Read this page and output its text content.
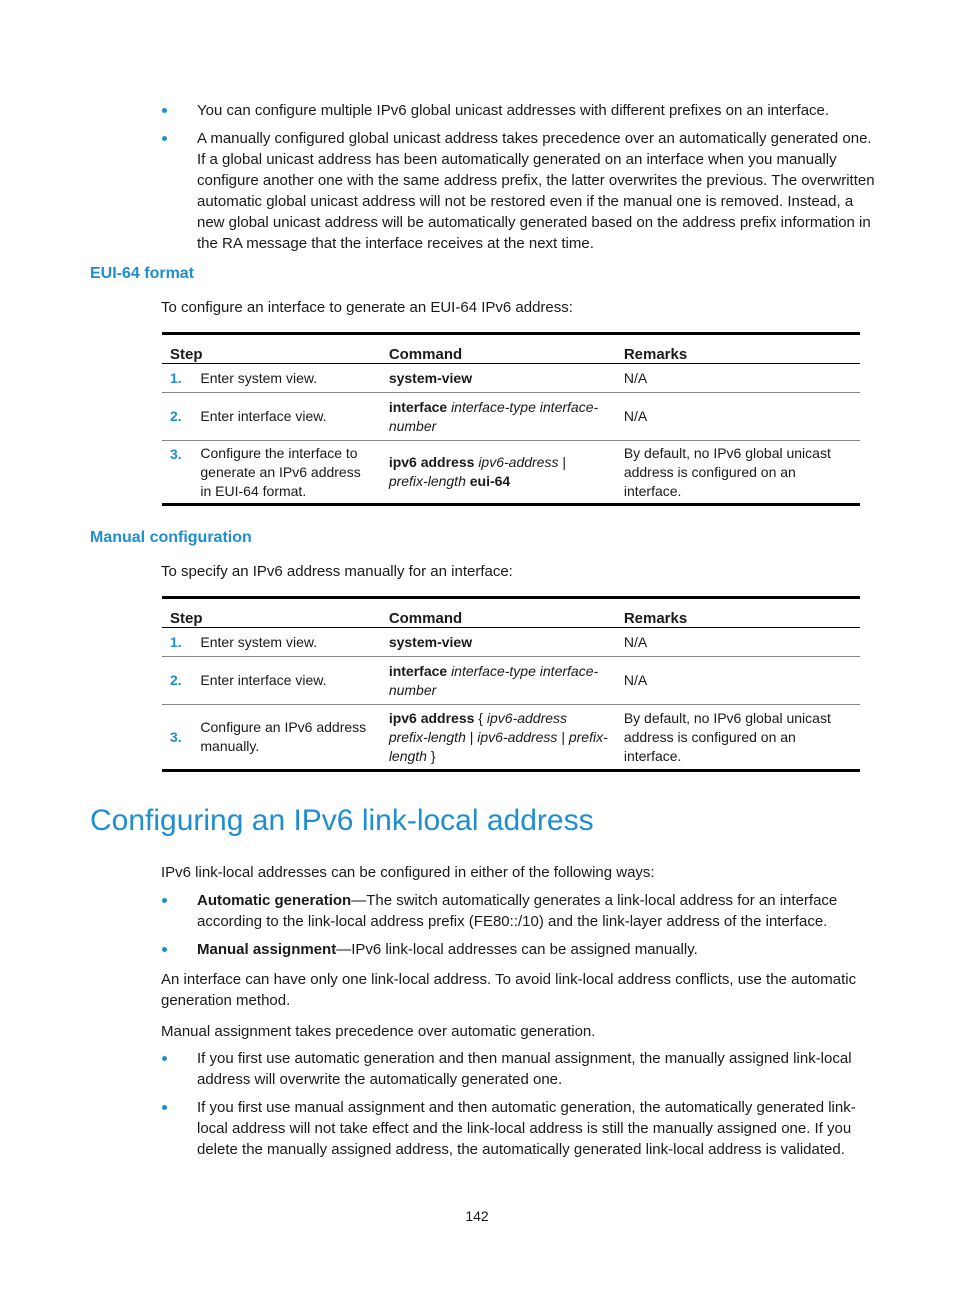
You can configure multiple IPv6 global unicast addresses with different prefixes on an interface.
A manually configured global unicast address takes precedence over an automatically generated one. If a global unicast address has been automatically generated on an interface when you manually configure another one with the same address prefix, the latter overwrites the previous. The overwritten automatic global unicast address will not be restored even if the manual one is removed. Instead, a new global unicast address will be automatically generated based on the address prefix information in the RA message that the interface receives at the next time.
EUI-64 format

To configure an interface to generate an EUI-64 IPv6 address:

Step		Command	Remarks
1.	Enter system view.	system-view	N/A
2.	Enter interface view.	interface interface-type interface-number	N/A
3.	Configure the interface to generate an IPv6 address in EUI-64 format.	ipv6 address ipv6-address | prefix-length eui-64	By default, no IPv6 global unicast address is configured on an interface.
Manual configuration

To specify an IPv6 address manually for an interface:

Step		Command	Remarks
1.	Enter system view.	system-view	N/A
2.	Enter interface view.	interface interface-type interface-number	N/A
3.	Configure an IPv6 address manually.	ipv6 address { ipv6-address prefix-length | ipv6-address | prefix-length }	By default, no IPv6 global unicast address is configured on an interface.
Configuring an IPv6 link-local address

IPv6 link-local addresses can be configured in either of the following ways:

Automatic generation—The switch automatically generates a link-local address for an interface according to the link-local address prefix (FE80::/10) and the link-layer address of the interface.
Manual assignment—IPv6 link-local addresses can be assigned manually.

An interface can have only one link-local address. To avoid link-local address conflicts, use the automatic generation method.

Manual assignment takes precedence over automatic generation.

If you first use automatic generation and then manual assignment, the manually assigned link-local address will overwrite the automatically generated one.
If you first use manual assignment and then automatic generation, the automatically generated link-local address will not take effect and the link-local address is still the manually assigned one. If you delete the manually assigned address, the automatically generated link-local address is validated.
142
